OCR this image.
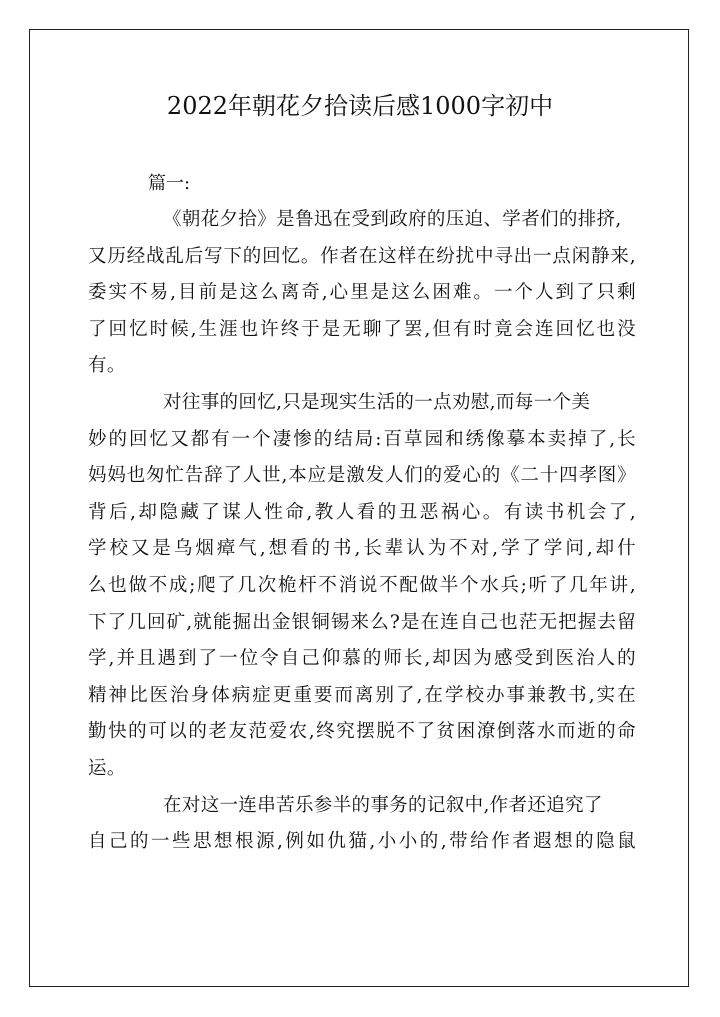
2022年朝花夕拾读后感1000字初中
篇一:
《朝花夕拾》是鲁迅在受到政府的压迫、学者们的排挤,
又历经战乱后写下的回忆。作者在这样在纷扰中寻出一点闲静来,
委实不易,目前是这么离奇,心里是这么困难。一个人到了只剩
了回忆时候,生涯也许终于是无聊了罢,但有时竟会连回忆也没
有。
对往事的回忆,只是现实生活的一点劝慰,而每一个美
妙的回忆又都有一个凄惨的结局:百草园和绣像摹本卖掉了,长
妈妈也匆忙告辞了人世,本应是激发人们的爱心的《二十四孝图》
背后,却隐藏了谋人性命,教人看的丑恶祸心。有读书机会了,
学校又是乌烟瘴气,想看的书,长辈认为不对,学了学问,却什
么也做不成;爬了几次桅杆不消说不配做半个水兵;听了几年讲,
下了几回矿,就能掘出金银铜锡来么?是在连自己也茫无把握去留
学,并且遇到了一位令自己仰慕的师长,却因为感受到医治人的
精神比医治身体病症更重要而离别了,在学校办事兼教书,实在
勤快的可以的老友范爱农,终究摆脱不了贫困潦倒落水而逝的命
运。
在对这一连串苦乐参半的事务的记叙中,作者还追究了
自己的一些思想根源,例如仇猫,小小的,带给作者遐想的隐鼠
